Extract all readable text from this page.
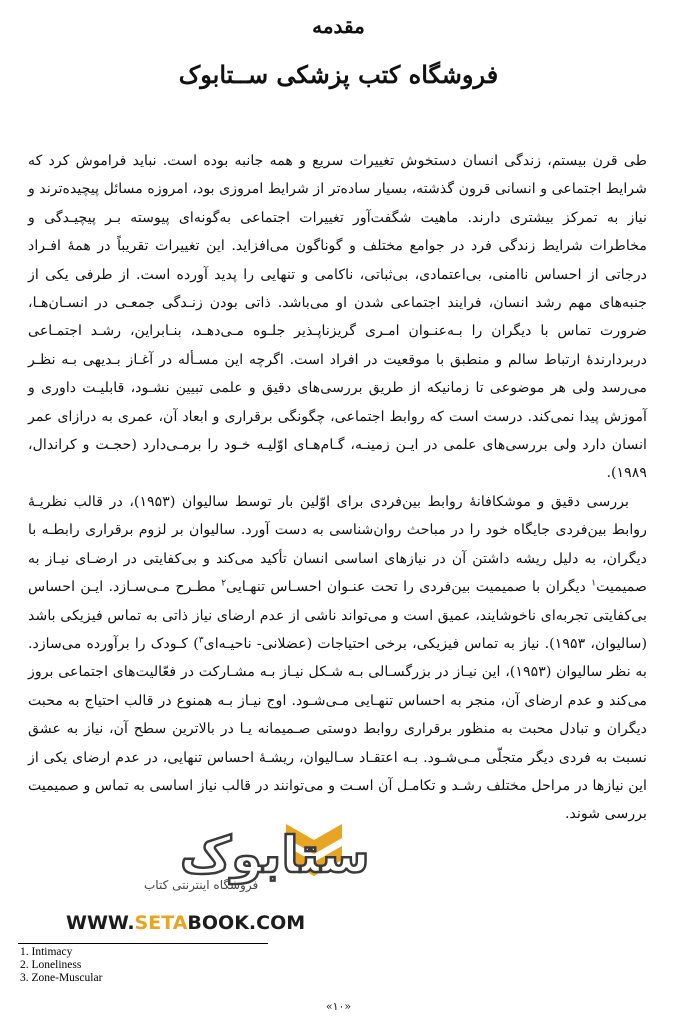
مقدمه
فروشگاه کتب پزشکی ســتابوک

طی قرن بیستم، زندگی انسان دستخوش تغییرات سریع و همه جانبه بوده است. نباید فراموش کرد که شرایط اجتماعی و انسانی قرون گذشته، بسیار ساده‌تر از شرایط امروزی بود، امروزه مسائل پیچیده‌ترند و نیاز به تمرکز بیشتری دارند. ماهیت شگفت‌آور تغییرات اجتماعی به‌گونه‌ای پیوسته بـر پیچیـدگی و مخاطرات شرایط زندگی فرد در جوامع مختلف و گوناگون می‌افزاید. این تغییرات تقریباً در همهٔ افـراد درجاتی از احساس ناامنی، بی‌اعتمادی، بی‌ثباتی، ناکامی و تنهایی را پدید آورده است. از طرفی یکی از جنبه‌های مهم رشد انسان، فرایند اجتماعی شدن او می‌باشد. ذاتی بودن زنـدگی جمعـی در انسـان‌هـا، ضرورت تماس با دیگران را بـه‌عنـوان امـری گریزناپـذیر جلـوه مـی‌دهـد، بنـابراین، رشـد اجتمـاعی دربردارندهٔ ارتباط سالم و منطبق با موقعیت در افراد است. اگرچه این مسـأله در آغـاز بـدیهی بـه نظـر می‌رسد ولی هر موضوعی تا زمانیکه از طریق بررسی‌های دقیق و علمی تبیین نشـود، قابلیـت داوری و آموزش پیدا نمی‌کند. درست است که روابط اجتماعی، چگونگی برقراری و ابعاد آن، عمری به درازای عمر انسان دارد ولی بررسی‌های علمی در ایـن زمینـه، گـام‌هـای اوّلیـه خـود را برمـی‌دارد (حجـت و کراندال، ۱۹۸۹).

بررسی دقیق و موشکافانهٔ روابط بین‌فردی برای اوّلین بار توسط سالیوان (۱۹۵۳)، در قالب نظریـهٔ روابط بین‌فردی جایگاه خود را در مباحث روان‌شناسی به دست آورد. سالیوان بر لزوم برقراری رابطـه با دیگران، به دلیل ریشه داشتن آن در نیازهای اساسی انسان تأکید می‌کند و بی‌کفایتی در ارضـای نیـاز به صمیمیت$^۱$ دیگران با صمیمیت بین‌فردی را تحت عنـوان احسـاس تنهـایی$^۲$ مطـرح مـی‌سـازد. ایـن احساس بی‌کفایتی تجربه‌ای ناخوشایند، عمیق است و می‌تواند ناشی از عدم ارضای نیاز ذاتی به تماس فیزیکی باشد (سالیوان، ۱۹۵۳). نیاز به تماس فیزیکی، برخی احتیاجات (عضلانی- ناحیـه‌ای$^۳$) کـودک را برآورده می‌سازد. به نظر سالیوان (۱۹۵۳)، این نیـاز در بزرگسـالی بـه شـکل نیـاز بـه مشـارکت در فعّالیت‌های اجتماعی بروز می‌کند و عدم ارضای آن، منجر به احساس تنهـایی مـی‌شـود. اوج نیـاز بـه همنوع در قالب احتیاج به محبت دیگران و تبادل محبت به منظور برقراری روابط دوستی صـمیمانه یـا در بالاترین سطح آن، نیاز به عشق نسبت به فردی دیگر متجلّی مـی‌شـود. بـه اعتقـاد سـالیوان، ریشـهٔ احساس تنهایی، در عدم ارضای یکی از این نیازها در مراحل مختلف رشـد و تکامـل آن اسـت و می‌توانند در قالب نیاز اساسی به تماس و صمیمیت بررسی شوند.

ستابوک
فروشگاه اینترنتی کتاب
WWW.SETABOOK.COM
1. Intimacy
2. Loneliness
3. Zone-Muscular
«۱۰»
